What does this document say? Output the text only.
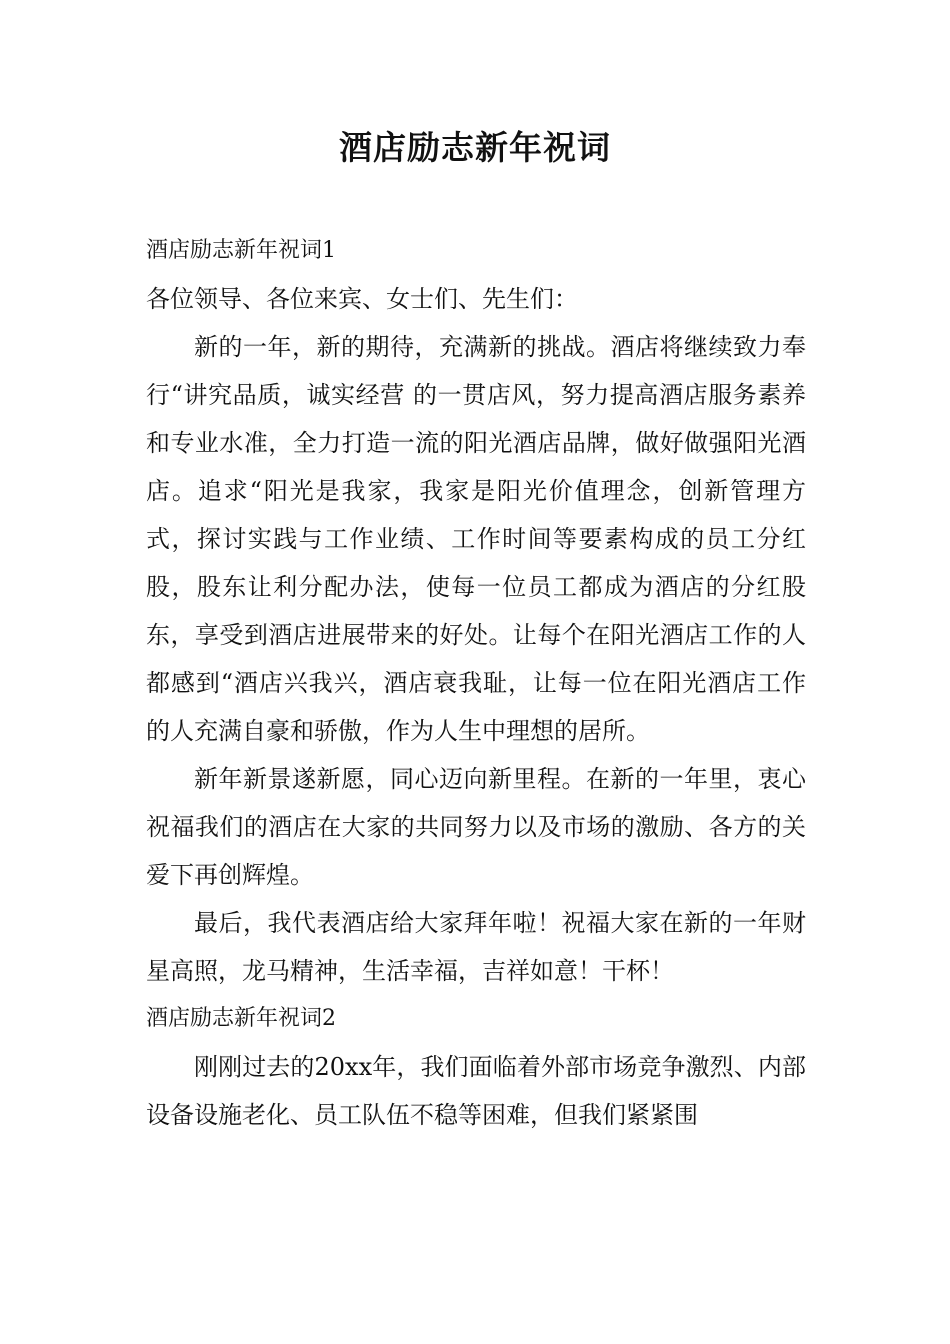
酒店励志新年祝词

酒店励志新年祝词1

各位领导、各位来宾、女士们、先生们：

新的一年，新的期待，充满新的挑战。酒店将继续致力奉行“讲究品质，诚实经营 的一贯店风，努力提高酒店服务素养和专业水准，全力打造一流的阳光酒店品牌，做好做强阳光酒店。追求“阳光是我家，我家是阳光价值理念，创新管理方式，探讨实践与工作业绩、工作时间等要素构成的员工分红股，股东让利分配办法，使每一位员工都成为酒店的分红股东，享受到酒店进展带来的好处。让每个在阳光酒店工作的人都感到“酒店兴我兴，酒店衰我耻，让每一位在阳光酒店工作的人充满自豪和骄傲，作为人生中理想的居所。

新年新景遂新愿，同心迈向新里程。在新的一年里，衷心祝福我们的酒店在大家的共同努力以及市场的激励、各方的关爱下再创辉煌。

最后，我代表酒店给大家拜年啦！祝福大家在新的一年财星高照，龙马精神，生活幸福，吉祥如意！干杯！

酒店励志新年祝词2

刚刚过去的20xx年，我们面临着外部市场竞争激烈、内部设备设施老化、员工队伍不稳等困难，但我们紧紧围
